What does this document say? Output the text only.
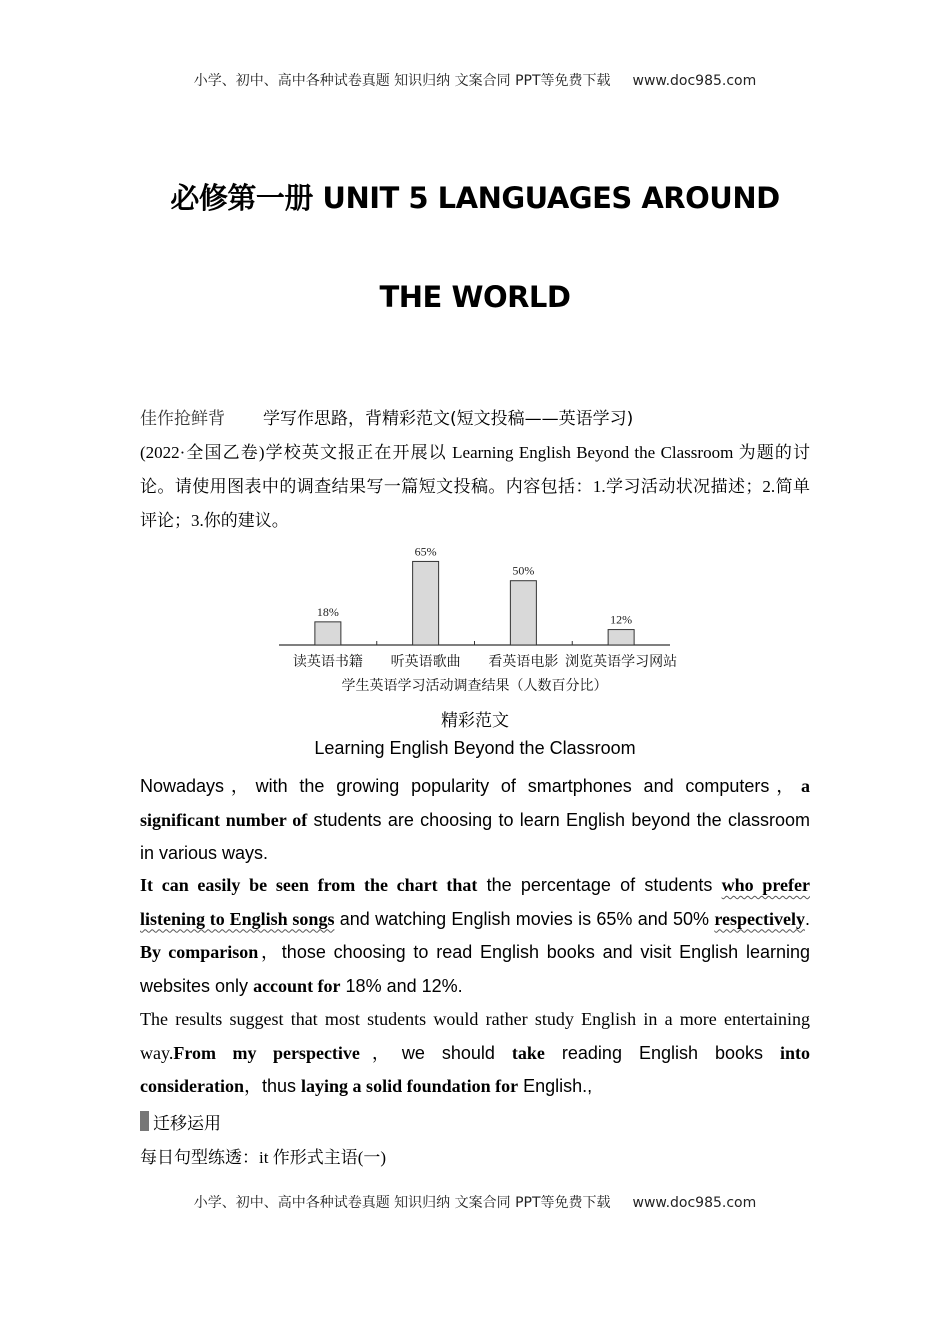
小学、初中、高中各种试卷真题 知识归纳 文案合同 PPT等免费下载 www.doc985.com
必修第一册 UNIT 5 LANGUAGES AROUND
THE WORLD
佳作抢鲜背 学写作思路，背精彩范文(短文投稿——英语学习)
(2022·全国乙卷)学校英文报正在开展以 Learning English Beyond the Classroom 为题的讨论。请使用图表中的调查结果写一篇短文投稿。内容包括：1.学习活动状况描述；2.简单评论；3.你的建议。
18%
读英语书籍
65%
听英语歌曲
50%
看英语电影
12%
浏览英语学习网站
学生英语学习活动调查结果（人数百分比）
精彩范文
Learning English Beyond the Classroom
Nowadays，with the growing popularity of smartphones and computers，a significant number of students are choosing to learn English beyond the classroom in various ways.
It can easily be seen from the chart that the percentage of students who prefer listening to English songs and watching English movies is 65% and 50% respectively. By comparison，those choosing to read English books and visit English learning websites only account for 18% and 12%.
The results suggest that most students would rather study English in a more entertaining way.From my perspective，we should take reading English books into consideration，thus laying a solid foundation for English.,
迁移运用
每日句型练透：it 作形式主语(一)
小学、初中、高中各种试卷真题 知识归纳 文案合同 PPT等免费下载 www.doc985.com
